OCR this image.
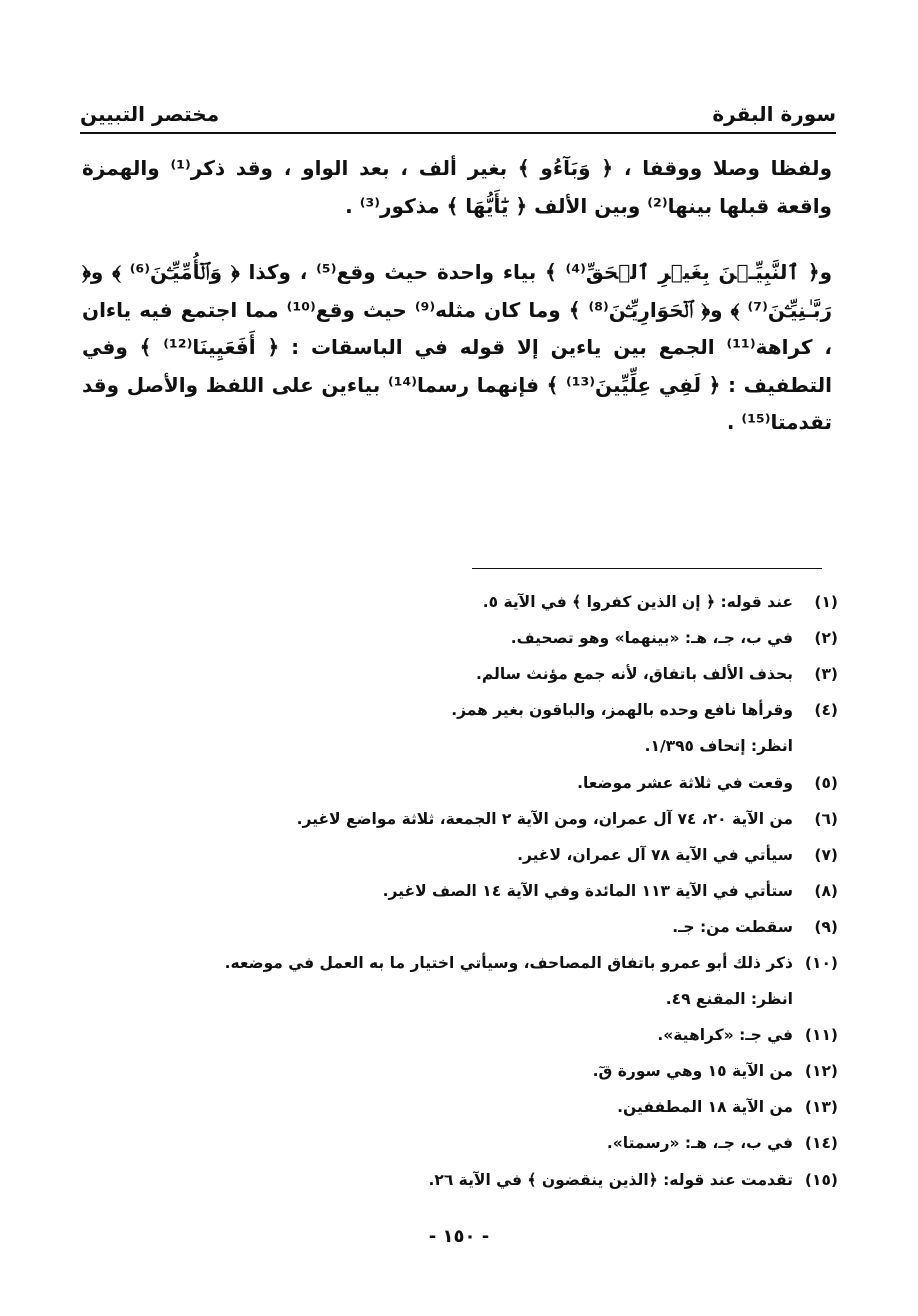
سورة البقرة
مختصر التبيين

ولفظا وصلا ووقفا ، ﴿ وَبَآءُو ﴾ بغير ألف ، بعد الواو ، وقد ذكر⁽¹⁾ والهمزة واقعة قبلها بينها⁽²⁾ وبين الألف ﴿ يَٰٓأَيُّهَا ﴾ مذكور⁽³⁾ .

و﴿ ٱلنَّبِيِّـۧنَ بِغَيۡرِ ٱلۡحَقِّ⁽⁴⁾ ﴾ بياء واحدة حيث وقع⁽⁵⁾ ، وكذا ﴿ وَٱلۡأُمِّيِّـۧنَ⁽⁶⁾ ﴾ و﴿ رَبَّـٰنِيِّـۧنَ⁽⁷⁾ ﴾ و﴿ ٱلۡحَوَارِيِّـۧنَ⁽⁸⁾ ﴾ وما كان مثله⁽⁹⁾ حيث وقع⁽¹⁰⁾ مما اجتمع فيه ياءان ، كراهة⁽¹¹⁾ الجمع بين ياءين إلا قوله في الباسقات : ﴿ أَفَعَيِينَا⁽¹²⁾ ﴾ وفي التطفيف : ﴿ لَفِي عِلِّيِّينَ⁽¹³⁾ ﴾ فإنهما رسما⁽¹⁴⁾ بياءين على اللفظ والأصل وقد تقدمتا⁽¹⁵⁾ .

(١)
عند قوله: ﴿ إن الذين كفروا ﴾ في الآية ٥.
(٢)
في ب، جـ، هـ: «بينهما» وهو تصحيف.
(٣)
بحذف الألف باتفاق، لأنه جمع مؤنث سالم.
(٤)
وقرأها نافع وحده بالهمز، والباقون بغير همز.
انظر: إتحاف ١/٣٩٥.
(٥)
وقعت في ثلاثة عشر موضعا.
(٦)
من الآية ٢٠، ٧٤ آل عمران، ومن الآية ٢ الجمعة، ثلاثة مواضع لاغير.
(٧)
سيأتي في الآية ٧٨ آل عمران، لاغير.
(٨)
ستأتي في الآية ١١٣ المائدة وفي الآية ١٤ الصف لاغير.
(٩)
سقطت من: جـ.
(١٠)
ذكر ذلك أبو عمرو باتفاق المصاحف، وسيأتي اختيار ما به العمل في موضعه.
انظر: المقنع ٤٩.
(١١)
في جـ: «كراهية».
(١٢)
من الآية ١٥ وهي سورة قٓ.
(١٣)
من الآية ١٨ المطففين.
(١٤)
في ب، جـ، هـ: «رسمتا».
(١٥)
تقدمت عند قوله: ﴿الذين ينقضون ﴾ في الآية ٢٦.
- ١٥٠ -
